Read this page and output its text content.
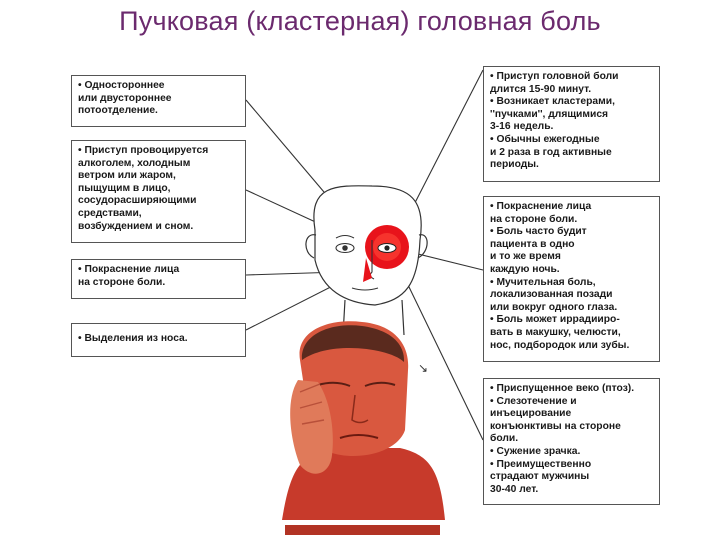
Пучковая (кластерная) головная боль
↘
• Одностороннее
или двустороннее
потоотделение.
• Приступ провоцируется
алкоголем, холодным
ветром или жаром,
пыщущим в лицо,
сосудорасширяющими
средствами,
возбуждением и сном.
• Покраснение лица
на стороне боли.
• Выделения из носа.
• Приступ головной боли
длится 15-90 минут.
• Возникает кластерами,
''пучками'', длящимися
3-16 недель.
• Обычны ежегодные
и 2 раза в год активные
периоды.
• Покраснение лица
на стороне боли.
• Боль часто будит
пациента в одно
и то же время
каждую ночь.
• Мучительная боль,
локализованная позади
или вокруг одного глаза.
• Боль может иррадииро-
вать в макушку, челюсти,
нос, подбородок или зубы.
• Приспущенное веко (птоз).
• Слезотечение и
инъецирование
конъюнктивы на стороне
боли.
• Сужение зрачка.
• Преимущественно
страдают мужчины
30-40 лет.
